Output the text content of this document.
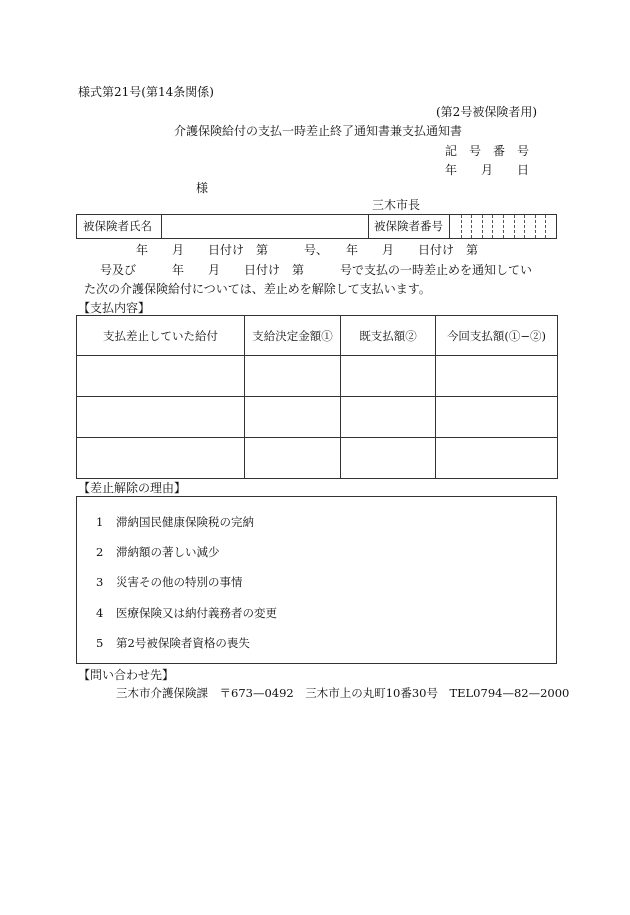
様式第21号(第14条関係)
(第2号被保険者用)
介護保険給付の支払一時差止終了通知書兼支払通知書
記　号　番　号
年　　月　　日
様
三木市長
被保険者氏名	被保険者番号
年　　月　　日付け　第　　　号、　　年　　月　　日付け　第
号及び　　　年　　月　　日付け　第　　　号で支払の一時差止めを通知してい
た次の介護保険給付については、差止めを解除して支払います。
【支払内容】
支払差止していた給付	支給決定金額①	既支払額②	今回支払額(①−②)

【差止解除の理由】
1 滞納国民健康保険税の完納
2 滞納額の著しい減少
3 災害その他の特別の事情
4 医療保険又は納付義務者の変更
5 第2号被保険者資格の喪失
【問い合わせ先】
三木市介護保険課　〒673—0492　三木市上の丸町10番30号　TEL0794—82—2000
